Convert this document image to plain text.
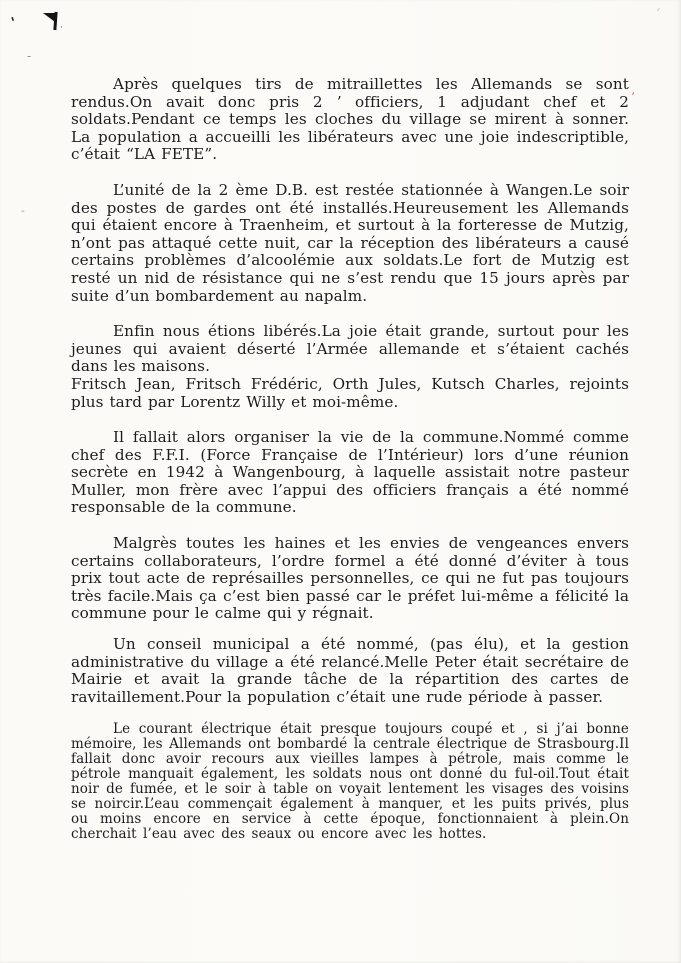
'	·
-
-
'
'

Après quelques tirs de mitraillettes les Allemands se sont rendus.On avait donc pris 2 ʼ officiers, 1 adjudant chef et 2 soldats.Pendant ce temps les cloches du village se mirent à sonner. La population a accueilli les libérateurs avec une joie indescriptible, c’était “LA FETE”.

L’unité de la 2 ème D.B. est restée stationnée à Wangen.Le soir des postes de gardes ont été installés.Heureusement les Allemands qui étaient encore à Traenheim, et surtout à la forteresse de Mutzig, n’ont pas attaqué cette nuit, car la réception des libérateurs a causé certains problèmes d’alcoolémie aux soldats.Le fort de Mutzig est resté un nid de résistance qui ne s’est rendu que 15 jours après par suite d’un bombardement au napalm.

Enfin nous étions libérés.La joie était grande, surtout pour les jeunes qui avaient déserté l’Armée allemande et s’étaient cachés dans les maisons.

Fritsch Jean, Fritsch Frédéric, Orth Jules, Kutsch Charles, rejoints plus tard par Lorentz Willy et moi-même.

Il fallait alors organiser la vie de la commune.Nommé comme chef des F.F.I. (Force Française de l’Intérieur) lors d’une réunion secrète en 1942 à Wangenbourg, à laquelle assistait notre pasteur Muller, mon frère avec l’appui des officiers français a été nommé responsable de la commune.

Malgrès toutes les haines et les envies de vengeances envers certains collaborateurs, l’ordre formel a été donné d’éviter à tous prix tout acte de représailles personnelles, ce qui ne fut pas toujours très facile.Mais ça c’est bien passé car le préfet lui-même a félicité la commune pour le calme qui y régnait.

Un conseil municipal a été nommé, (pas élu), et la gestion administrative du village a été relancé.Melle Peter était secrétaire de Mairie et avait la grande tâche de la répartition des cartes de ravitaillement.Pour la population c’était une rude période à passer.

Le courant électrique était presque toujours coupé et , si j’ai bonne mémoire, les Allemands ont bombardé la centrale électrique de Strasbourg.Il fallait donc avoir recours aux vieilles lampes à pétrole, mais comme le pétrole manquait également, les soldats nous ont donné du ful-oil.Tout était noir de fumée, et le soir à table on voyait lentement les visages des voisins se noircir.L’eau commençait également à manquer, et les puits privés, plus ou moins encore en service à cette époque, fonctionnaient à plein.On cherchait l’eau avec des seaux ou encore avec les hottes.
